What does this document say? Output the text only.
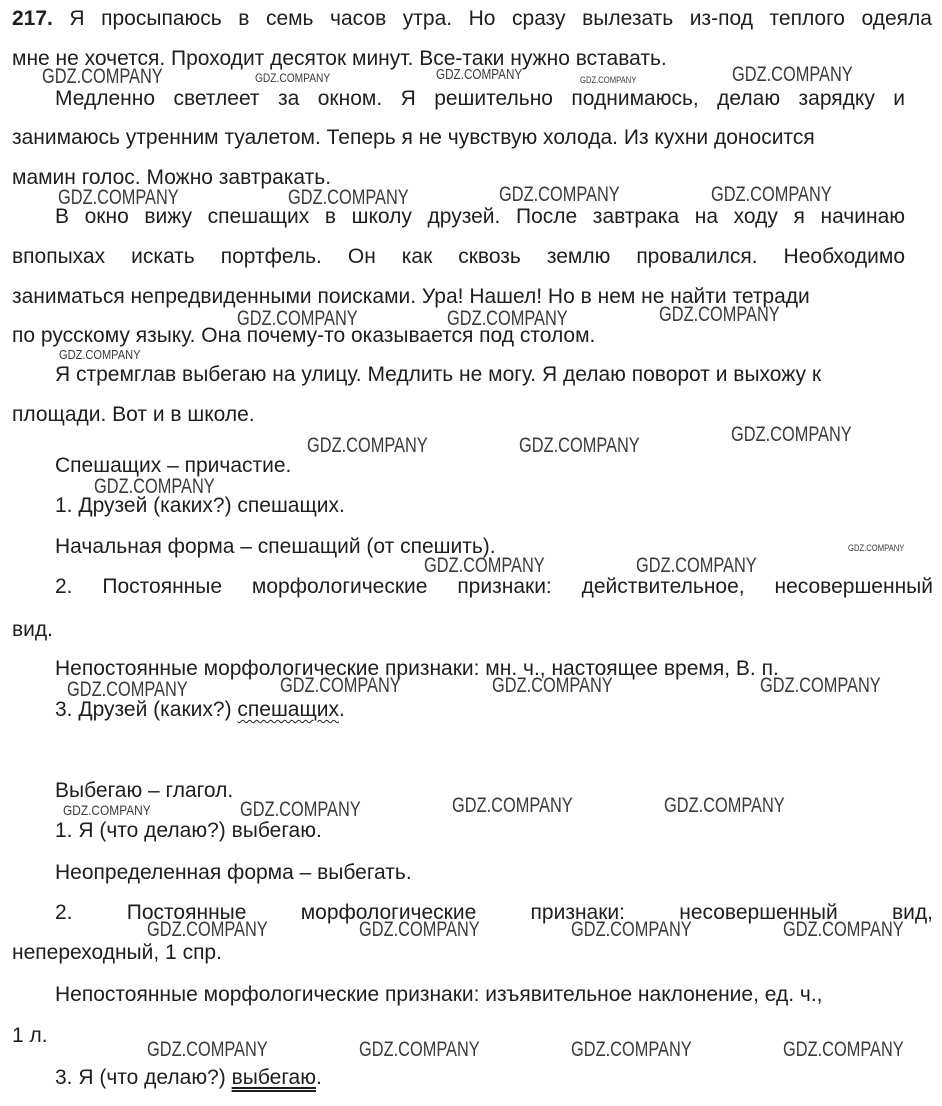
217. Я просыпаюсь в семь часов утра. Но сразу вылезать из-под теплого одеяла
мне не хочется. Проходит десяток минут. Все-таки нужно вставать.
Медленно светлеет за окном. Я решительно поднимаюсь, делаю зарядку и
занимаюсь утренним туалетом. Теперь я не чувствую холода. Из кухни доносится
мамин голос. Можно завтракать.
В окно вижу спешащих в школу друзей. После завтрака на ходу я начинаю
впопыхах искать портфель. Он как сквозь землю провалился. Необходимо
заниматься непредвиденными поисками. Ура! Нашел! Но в нем не найти тетради
по русскому языку. Она почему-то оказывается под столом.
Я стремглав выбегаю на улицу. Медлить не могу. Я делаю поворот и выхожу к
площади. Вот и в школе.
Спешащих – причастие.
1. Друзей (каких?) спешащих.
Начальная форма – спешащий (от спешить).
2. Постоянные морфологические признаки: действительное, несовершенный
вид.
Непостоянные морфологические признаки: мн. ч., настоящее время, В. п.
3. Друзей (каких?) спешащих.
Выбегаю – глагол.
1. Я (что делаю?) выбегаю.
Неопределенная форма – выбегать.
2. Постоянные морфологические признаки: несовершенный вид,
непереходный, 1 спр.
Непостоянные морфологические признаки: изъявительное наклонение, ед. ч.,
1 л.
3. Я (что делаю?) выбегаю.
GDZ.COMPANY	GDZ.COMPANY	GDZ.COMPANY	GDZ.COMPANY	GDZ.COMPANY
GDZ.COMPANY	GDZ.COMPANY	GDZ.COMPANY	GDZ.COMPANY
GDZ.COMPANY	GDZ.COMPANY	GDZ.COMPANY
GDZ.COMPANY
GDZ.COMPANY	GDZ.COMPANY	GDZ.COMPANY
GDZ.COMPANY
GDZ.COMPANY
GDZ.COMPANY	GDZ.COMPANY
GDZ.COMPANY	GDZ.COMPANY	GDZ.COMPANY	GDZ.COMPANY
GDZ.COMPANY	GDZ.COMPANY	GDZ.COMPANY	GDZ.COMPANY
GDZ.COMPANY	GDZ.COMPANY	GDZ.COMPANY	GDZ.COMPANY
GDZ.COMPANY	GDZ.COMPANY	GDZ.COMPANY	GDZ.COMPANY
